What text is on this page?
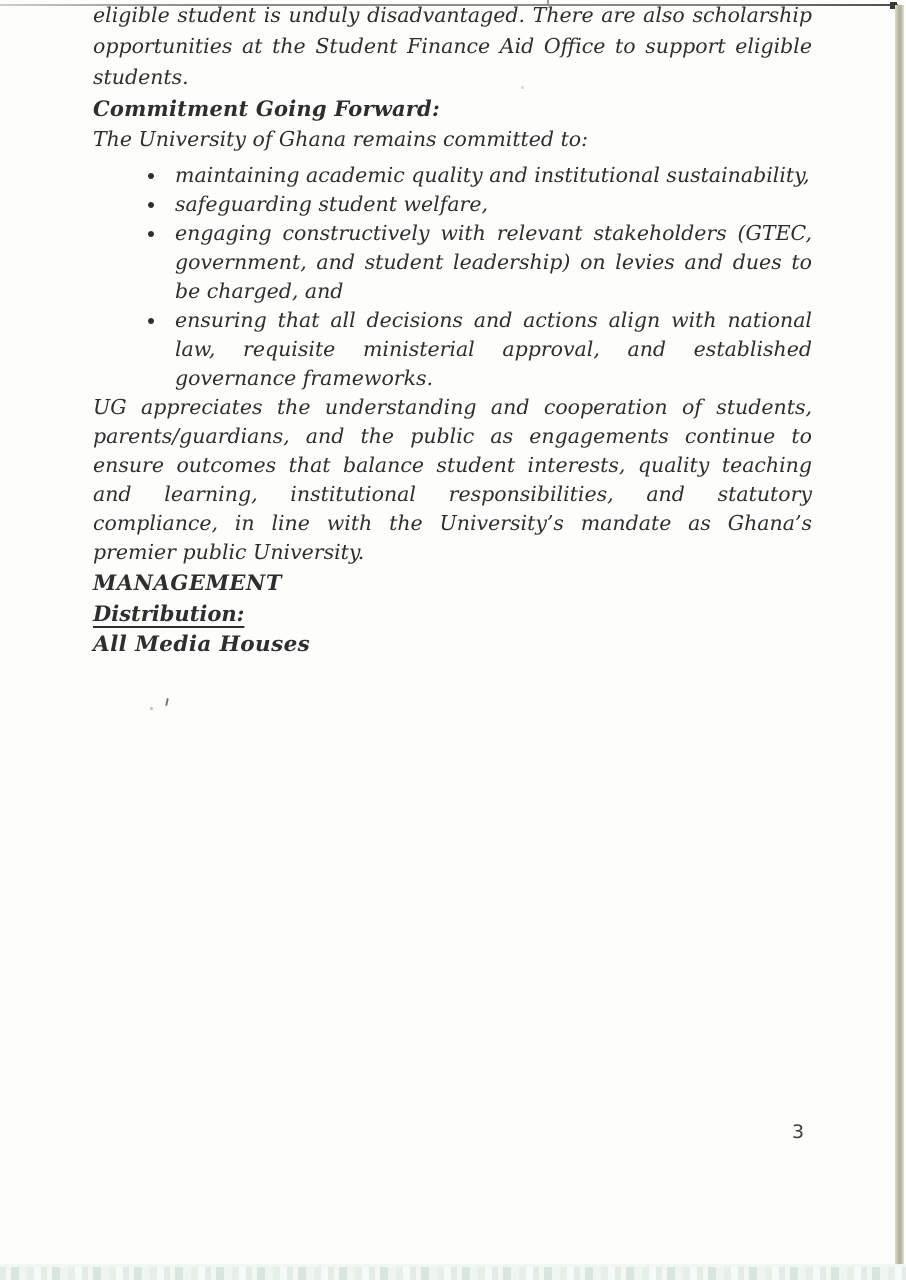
eligible student is unduly disadvantaged. There are also scholarship opportunities at the Student Finance Aid Office to support eligible students.

Commitment Going Forward:

The University of Ghana remains committed to:

maintaining academic quality and institutional sustainability,
safeguarding student welfare,
engaging constructively with relevant stakeholders (GTEC, government, and student leadership) on levies and dues to be charged, and
ensuring that all decisions and actions align with national law, requisite ministerial approval, and established governance frameworks.

UG appreciates the understanding and cooperation of students, parents/guardians, and the public as engagements continue to ensure outcomes that balance student interests, quality teaching and learning, institutional responsibilities, and statutory compliance, in line with the University’s mandate as Ghana’s premier public University.

MANAGEMENT

Distribution:

All Media Houses

3
